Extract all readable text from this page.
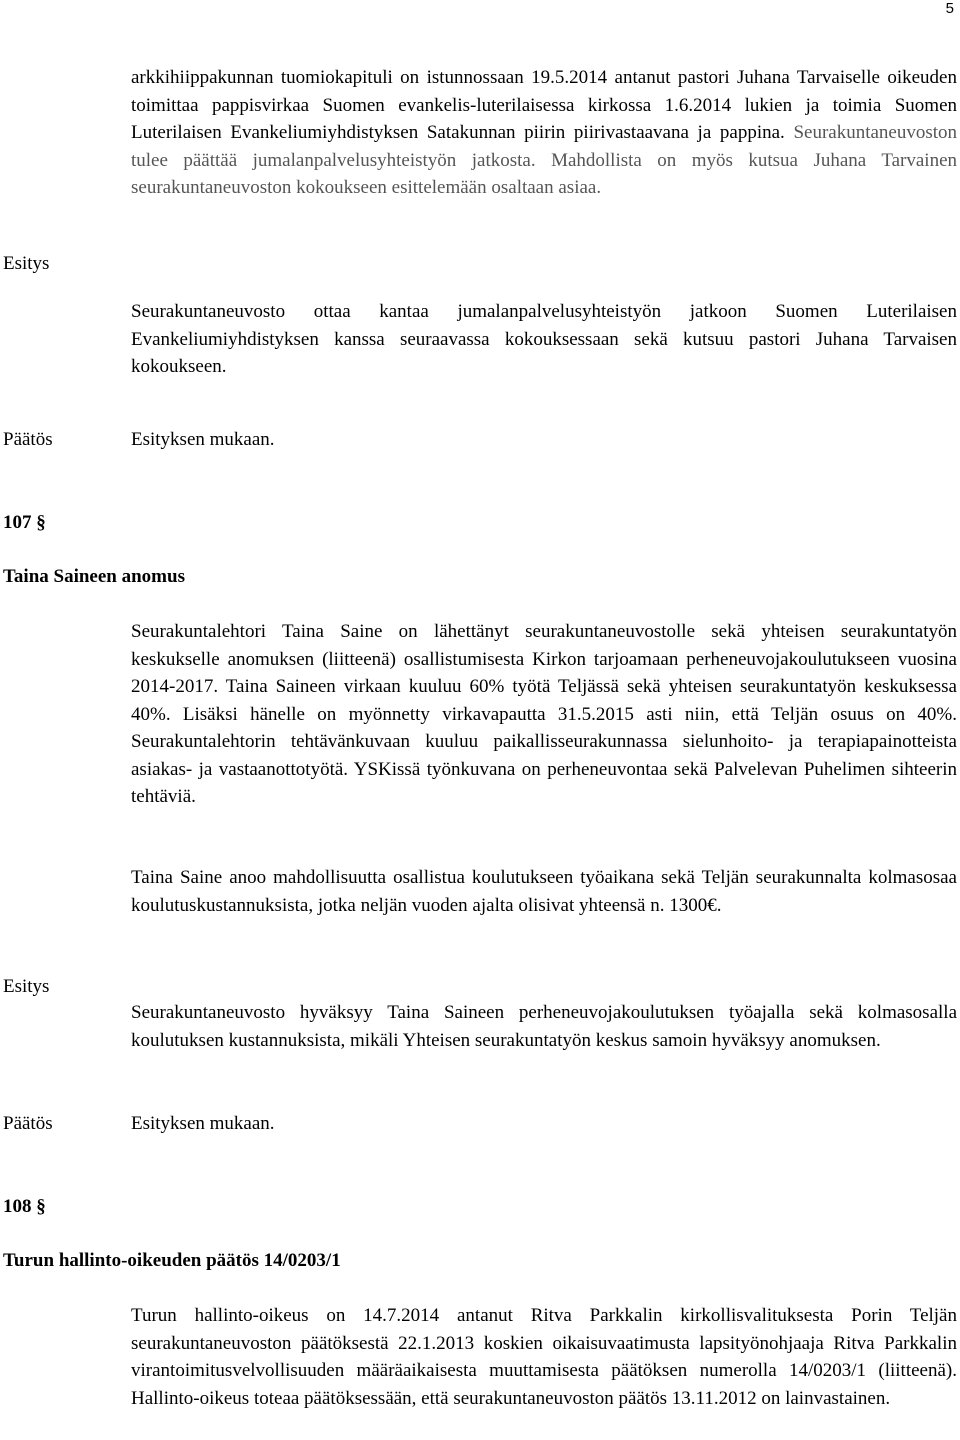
5
arkkihiippakunnan tuomiokapituli on istunnossaan 19.5.2014 antanut pastori Juhana Tarvaiselle oikeuden toimittaa pappisvirkaa Suomen evankelis-luterilaisessa kirkossa 1.6.2014 lukien ja toimia Suomen Luterilaisen Evankeliumiyhdistyksen Satakunnan piirin piirivastaavana ja pappina. Seurakuntaneuvoston tulee päättää jumalanpalvelusyhteistyön jatkosta. Mahdollista on myös kutsua Juhana Tarvainen seurakuntaneuvoston kokoukseen esittelemään osaltaan asiaa.
Esitys
Seurakuntaneuvosto ottaa kantaa jumalanpalvelusyhteistyön jatkoon Suomen Luterilaisen Evankeliumiyhdistyksen kanssa seuraavassa kokouksessaan sekä kutsuu pastori Juhana Tarvaisen kokoukseen.
Päätös	Esityksen mukaan.
107 §
Taina Saineen anomus
Seurakuntalehtori Taina Saine on lähettänyt seurakuntaneuvostolle sekä yhteisen seurakuntatyön keskukselle anomuksen (liitteenä) osallistumisesta Kirkon tarjoamaan perheneuvojakoulutukseen vuosina 2014-2017. Taina Saineen virkaan kuuluu 60% työtä Teljässä sekä yhteisen seurakuntatyön keskuksessa 40%. Lisäksi hänelle on myönnetty virkavapautta 31.5.2015 asti niin, että Teljän osuus on 40%. Seurakuntalehtorin tehtävänkuvaan kuuluu paikallisseurakunnassa sielunhoito- ja terapiapainotteista asiakas- ja vastaanottotyötä. YSKissä työnkuvana on perheneuvontaa sekä Palvelevan Puhelimen sihteerin tehtäviä.
Taina Saine anoo mahdollisuutta osallistua koulutukseen työaikana sekä Teljän seurakunnalta kolmasosaa koulutuskustannuksista, jotka neljän vuoden ajalta olisivat yhteensä n. 1300€.
Esitys
Seurakuntaneuvosto hyväksyy Taina Saineen perheneuvojakoulutuksen työajalla sekä kolmasosalla koulutuksen kustannuksista, mikäli Yhteisen seurakuntatyön keskus samoin hyväksyy anomuksen.
Päätös	Esityksen mukaan.
108 §
Turun hallinto-oikeuden päätös 14/0203/1
Turun hallinto-oikeus on 14.7.2014 antanut Ritva Parkkalin kirkollisvalituksesta Porin Teljän seurakuntaneuvoston päätöksestä 22.1.2013 koskien oikaisuvaatimusta lapsityönohjaaja Ritva Parkkalin virantoimitusvelvollisuuden määräaikaisesta muuttamisesta päätöksen numerolla 14/0203/1 (liitteenä). Hallinto-oikeus toteaa päätöksessään, että seurakuntaneuvoston päätös 13.11.2012 on lainvastainen.
